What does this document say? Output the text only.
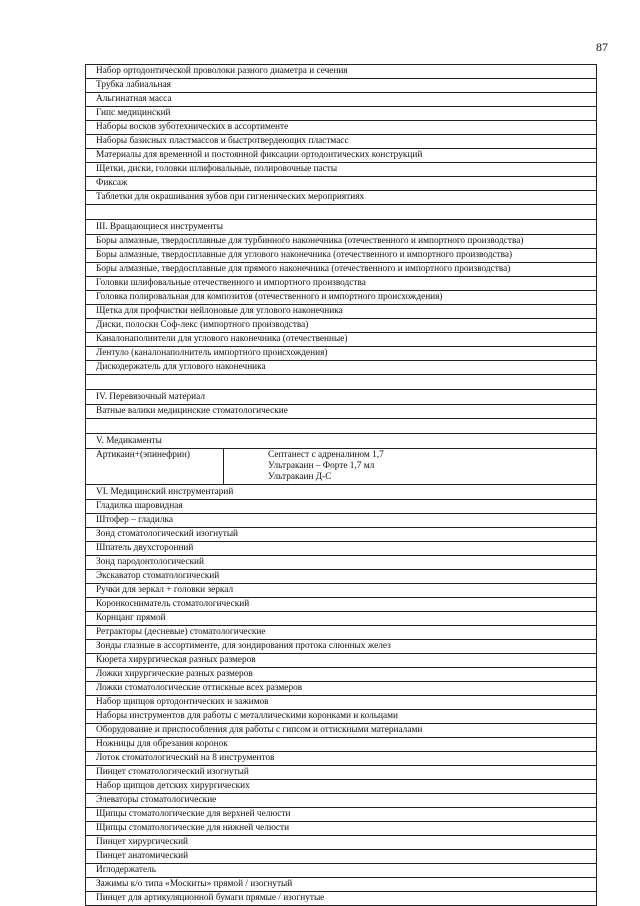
87
Набор ортодонтической проволоки разного диаметра и сечения
Трубка лабиальная
Альгинатная масса
Гипс медицинский
Наборы восков зуботехнических в ассортименте
Наборы базисных пластмассов и быстротвердеющих пластмасс
Материалы для временной и постоянной фиксации ортодонтических конструкций
Щетки, диски, головки шлифовальные, полировочные пасты
Фиксаж
Таблетки для окрашивания зубов при гигиенических мероприятиях

III. Вращающиеся инструменты
Боры алмазные, твердосплавные для турбинного наконечника (отечественного и импортного производства)
Боры алмазные, твердосплавные для углового наконечника (отечественного и импортного производства)
Боры алмазные, твердосплавные для прямого наконечника (отечественного и импортного производства)
Головки шлифовальные отечественного и импортного производства
Головка полировальная для композитов (отечественного и импортного происхождения)
Щетка для профчистки нейлоновые для углового наконечника
Диски, полоски Соф-лекс (импортного производства)
Каналонаполнители для углового наконечника (отечественные)
Лентуло (каналонаполнитель импортного происхождения)
Дискодержатель для углового наконечника

IV. Перевязочный материал
Ватные валики медицинские стоматологические

V. Медикаменты
Артикаин+(эпинефрин)	Септанест с адреналином 1,7
Ультракаин – Форте 1,7 мл
Ультракаин Д-С

VI. Медицинский инструментарий
Гладилка шаровидная
Штофер – гладилка
Зонд стоматологический изогнутый
Шпатель двухсторонний
Зонд пародонтологический
Экскаватор стоматологический
Ручки для зеркал + головки зеркал
Коронкосниматель стоматологический
Корнцанг прямой
Ретракторы (десневые) стоматологические
Зонды глазные в ассортименте, для зондирования протока слюнных желез
Кюрета хирургическая разных размеров
Ложки хирургические разных размеров
Ложки стоматологические оттискные всех размеров
Набор щипцов ортодонтических и зажимов
Наборы инструментов для работы с металлическими коронками и кольцами
Оборудование и приспособления для работы с гипсом и оттискными материалами
Ножницы для обрезания коронок
Лоток стоматологический на 8 инструментов
Пинцет стоматологический изогнутый
Набор щипцов детских хирургических
Элеваторы стоматологические
Щипцы стоматологические для верхней челюсти
Щипцы стоматологические для нижней челюсти
Пинцет хирургический
Пинцет анатомический
Иглодержатель
Зажимы к/о типа «Москиты» прямой / изогнутый
Пинцет для артикуляционной бумаги прямые / изогнутые
